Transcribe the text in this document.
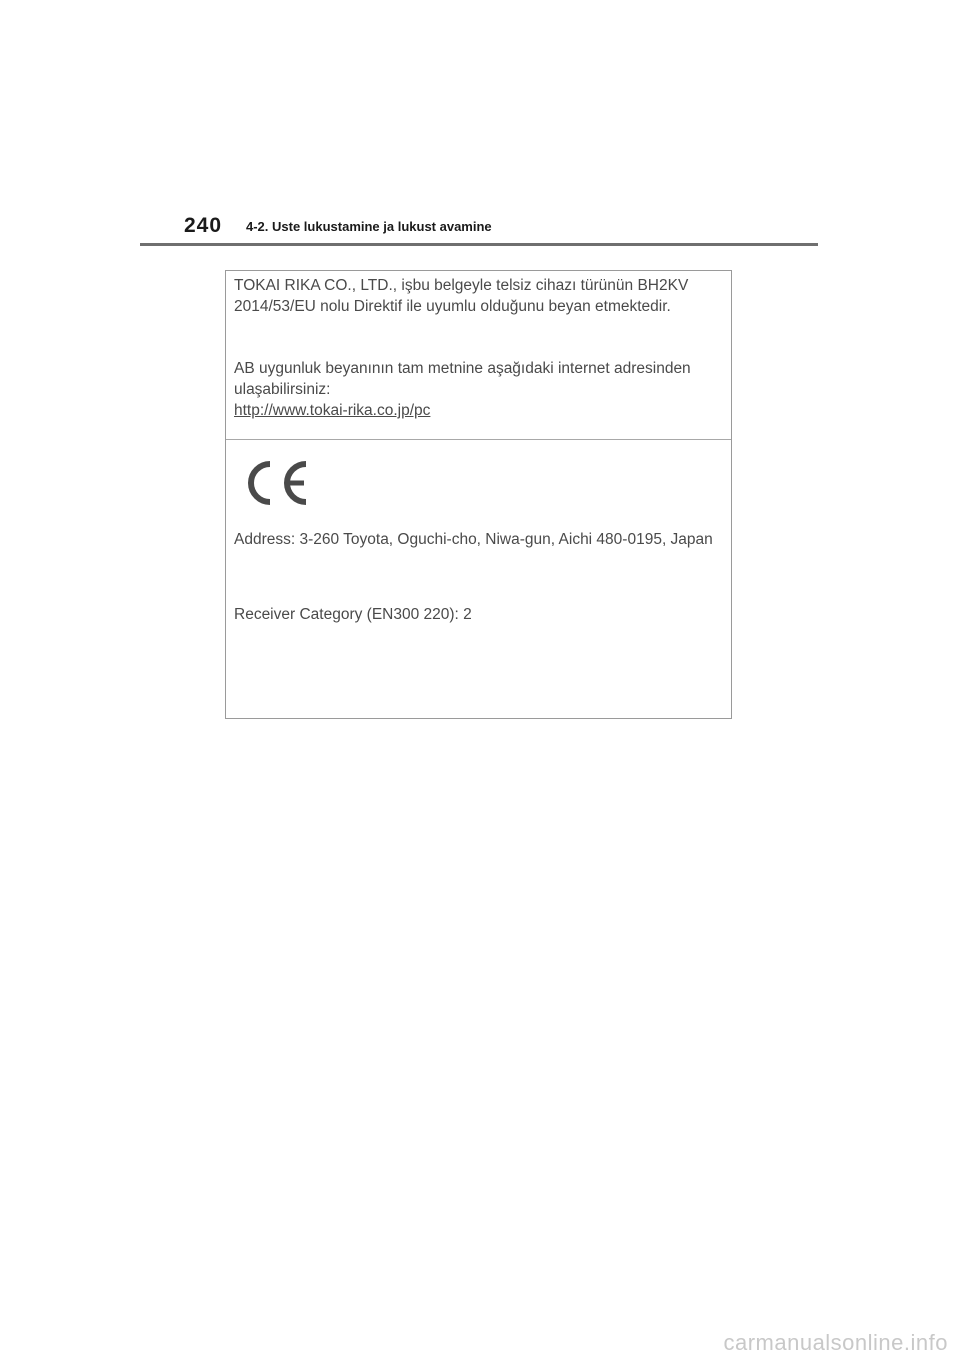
240 4-2. Uste lukustamine ja lukust avamine

TOKAI RIKA CO., LTD., işbu belgeyle telsiz cihazı türünün BH2KV 2014/53/EU nolu Direktif ile uyumlu olduğunu beyan etmektedir.

AB uygunluk beyanının tam metnine aşağıdaki internet adresinden ulaşabilirsiniz:

http://www.tokai-rika.co.jp/pc

Address: 3-260 Toyota, Oguchi-cho, Niwa-gun, Aichi 480-0195, Japan

Receiver Category (EN300 220): 2
carmanualsonline.info
